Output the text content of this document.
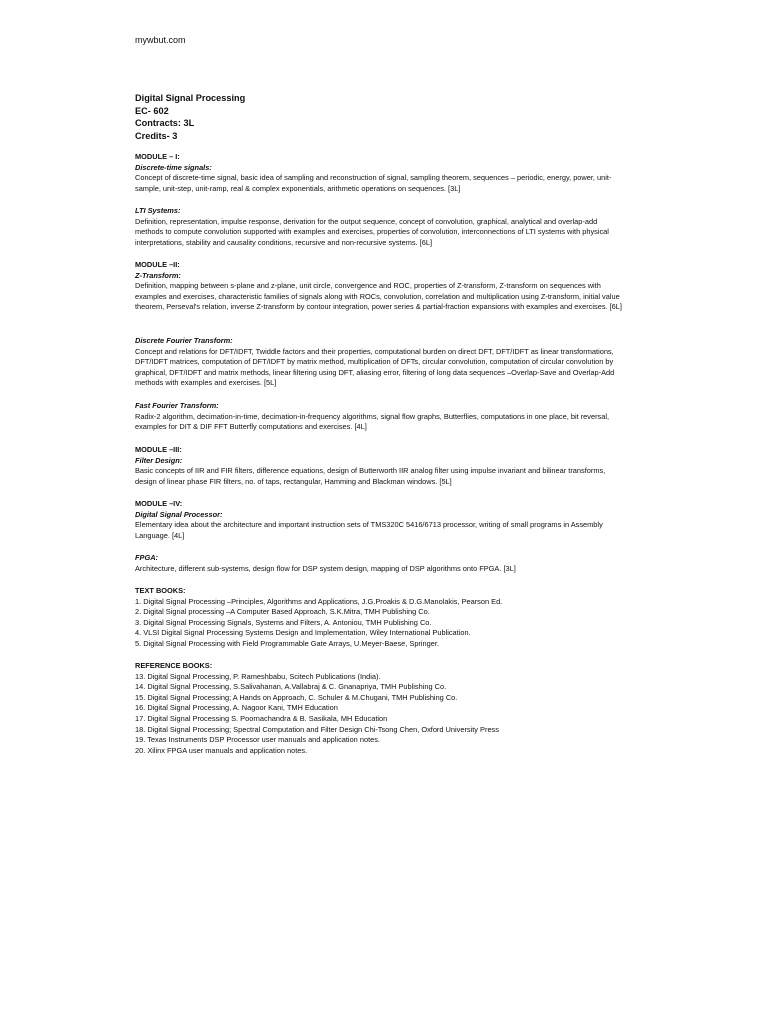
mywbut.com
Digital Signal Processing
EC- 602
Contracts: 3L
Credits- 3
MODULE – I:
Discrete-time signals:

Concept of discrete-time signal, basic idea of sampling and reconstruction of signal, sampling theorem, sequences – periodic, energy, power, unit-sample, unit-step, unit-ramp, real & complex exponentials, arithmetic operations on sequences. [3L]

LTI Systems:

Definition, representation, impulse response, derivation for the output sequence, concept of convolution, graphical, analytical and overlap-add methods to compute convolution supported with examples and exercises, properties of convolution, interconnections of LTI systems with physical interpretations, stability and causality conditions, recursive and non-recursive systems. [6L]

MODULE –II:
Z-Transform:

Definition, mapping between s-plane and z-plane, unit circle, convergence and ROC, properties of Z-transform, Z-transform on sequences with examples and exercises, characteristic families of signals along with ROCs, convolution, correlation and multiplication using Z-transform, initial value theorem, Perseval's relation, inverse Z-transform by contour integration, power series & partial-fraction expansions with examples and exercises. [6L]

Discrete Fourier Transform:

Concept and relations for DFT/IDFT, Twiddle factors and their properties, computational burden on direct DFT, DFT/IDFT as linear transformations, DFT/IDFT matrices, computation of DFT/IDFT by matrix method, multiplication of DFTs, circular convolution, computation of circular convolution by graphical, DFT/IDFT and matrix methods, linear filtering using DFT, aliasing error, filtering of long data sequences –Overlap-Save and Overlap-Add methods with examples and exercises. [5L]

Fast Fourier Transform:

Radix-2 algorithm, decimation-in-time, decimation-in-frequency algorithms, signal flow graphs, Butterflies, computations in one place, bit reversal, examples for DIT & DIF FFT Butterfly computations and exercises. [4L]

MODULE –III:
Filter Design:

Basic concepts of IIR and FIR filters, difference equations, design of Butterworth IIR analog filter using impulse invariant and bilinear transforms, design of linear phase FIR filters, no. of taps, rectangular, Hamming and Blackman windows. [5L]

MODULE –IV:
Digital Signal Processor:

Elementary idea about the architecture and important instruction sets of TMS320C 5416/6713 processor, writing of small programs in Assembly Language. [4L]

FPGA:

Architecture, different sub-systems, design flow for DSP system design, mapping of DSP algorithms onto FPGA. [3L]

TEXT BOOKS:
1. Digital Signal Processing –Principles, Algorithms and Applications, J.G.Proakis & D.G.Manolakis, Pearson Ed.
2. Digital Signal processing –A Computer Based Approach, S.K.Mitra, TMH Publishing Co.
3. Digital Signal Processing Signals, Systems and Filters, A. Antoniou, TMH Publishing Co.
4. VLSI Digital Signal Processing Systems Design and Implementation, Wiley International Publication.
5. Digital Signal Processing with Field Programmable Gate Arrays, U.Meyer-Baese, Springer.
REFERENCE BOOKS:
13. Digital Signal Processing, P. Rameshbabu, Scitech Publications (India).
14. Digital Signal Processing, S.Salivahanan, A.Vallabraj & C. Gnanapriya, TMH Publishing Co.
15. Digital Signal Processing; A Hands on Approach, C. Schuler & M.Chugani, TMH Publishing Co.
16. Digital Signal Processing, A. Nagoor Kani, TMH Education
17. Digital Signal Processing S. Poornachandra & B. Sasikala, MH Education
18. Digital Signal Processing; Spectral Computation and Filter Design Chi-Tsong Chen, Oxford University Press
19. Texas Instruments DSP Processor user manuals and application notes.
20. Xilinx FPGA user manuals and application notes.
